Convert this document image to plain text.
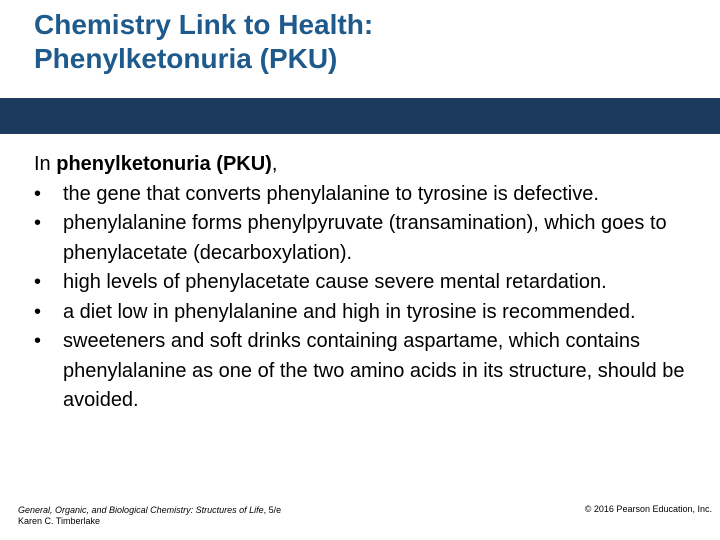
Chemistry Link to Health:
Phenylketonuria (PKU)
In phenylketonuria (PKU),
• the gene that converts phenylalanine to tyrosine is defective.
• phenylalanine forms phenylpyruvate (transamination), which goes to phenylacetate (decarboxylation).
• high levels of phenylacetate cause severe mental retardation.
• a diet low in phenylalanine and high in tyrosine is recommended.
• sweeteners and soft drinks containing aspartame, which contains phenylalanine as one of the two amino acids in its structure, should be avoided.
General, Organic, and Biological Chemistry: Structures of Life, 5/e
Karen C. Timberlake
© 2016 Pearson Education, Inc.
